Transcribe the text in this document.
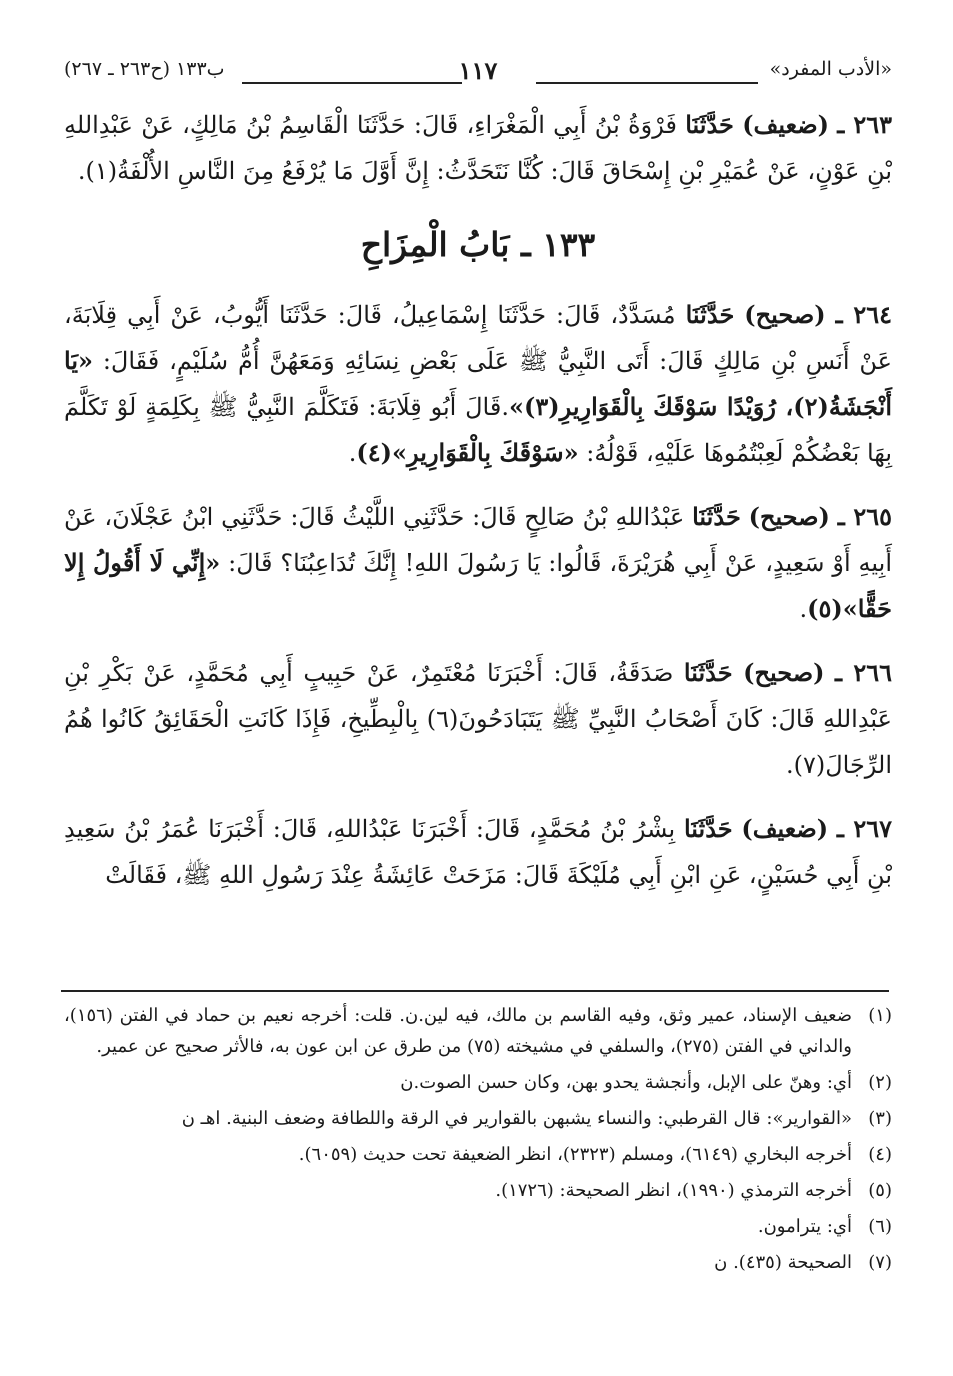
«الأدب المفرد»
١١٧
ب١٣٣ (ح٢٦٣ ـ ٢٦٧)

٢٦٣ ـ (ضعيف) حَدَّثَنَا فَرْوَةُ بْنُ أَبِي الْمَغْرَاءِ، قَالَ: حَدَّثَنَا الْقَاسِمُ بْنُ مَالِكٍ، عَنْ عَبْدِاللهِ بْنِ عَوْنٍ، عَنْ عُمَيْرِ بْنِ إِسْحَاقَ قَالَ: كُنَّا نَتَحَدَّثُ: إِنَّ أَوَّلَ مَا يُرْفَعُ مِنَ النَّاسِ الأُلْفَةُ(١).

١٣٣ ـ بَابُ الْمِزَاحِ

٢٦٤ ـ (صحيح) حَدَّثَنَا مُسَدَّدٌ، قَالَ: حَدَّثَنَا إِسْمَاعِيلُ، قَالَ: حَدَّثَنَا أَيُّوبُ، عَنْ أَبِي قِلَابَةَ، عَنْ أَنَسِ بْنِ مَالِكٍ قَالَ: أَتَى النَّبِيُّ ﷺ عَلَى بَعْضِ نِسَائِهِ وَمَعَهُنَّ أُمُّ سُلَيْمٍ، فَقَالَ: «يَا أَنْجَشَةُ(٢)، رُوَيْدًا سَوْقَكَ بِالْقَوَارِيرِ(٣)».قَالَ أَبُو قِلَابَةَ: فَتَكَلَّمَ النَّبِيُّ ﷺ بِكَلِمَةٍ لَوْ تَكَلَّمَ بِهَا بَعْضُكُمْ لَعِبْتُمُوهَا عَلَيْهِ، قَوْلُهُ: «سَوْقَكَ بِالْقَوَارِيرِ»(٤).

٢٦٥ ـ (صحيح) حَدَّثَنَا عَبْدُاللهِ بْنُ صَالِحٍ قَالَ: حَدَّثَنِي اللَّيْثُ قَالَ: حَدَّثَنِي ابْنُ عَجْلَانَ، عَنْ أَبِيهِ أَوْ سَعِيدٍ، عَنْ أَبِي هُرَيْرَةَ، قَالُوا: يَا رَسُولَ اللهِ! إِنَّكَ تُدَاعِبُنَا؟ قَالَ: «إِنِّي لَا أَقُولُ إِلا حَقًّا»(٥).

٢٦٦ ـ (صحيح) حَدَّثَنَا صَدَقَةُ، قَالَ: أَخْبَرَنَا مُعْتَمِرٌ، عَنْ حَبِيبٍ أَبِي مُحَمَّدٍ، عَنْ بَكْرِ بْنِ عَبْدِاللهِ قَالَ: كَانَ أَصْحَابُ النَّبِيِّ ﷺ يَتَبَادَحُونَ(٦) بِالْبِطِّيخِ، فَإِذَا كَانَتِ الْحَقَائِقُ كَانُوا هُمُ الرِّجَالَ(٧).

٢٦٧ ـ (ضعيف) حَدَّثَنَا بِشْرُ بْنُ مُحَمَّدٍ، قَالَ: أَخْبَرَنَا عَبْدُاللهِ، قَالَ: أَخْبَرَنَا عُمَرُ بْنُ سَعِيدِ بْنِ أَبِي حُسَيْنٍ، عَنِ ابْنِ أَبِي مُلَيْكَةَ قَالَ: مَزَحَتْ عَائِشَةُ عِنْدَ رَسُولِ اللهِ ﷺ، فَقَالَتْ

(١)
ضعيف الإسناد، عمير وثق، وفيه القاسم بن مالك، فيه لين.ن. قلت: أخرجه نعيم بن حماد في الفتن (١٥٦)، والداني في الفتن (٢٧٥)، والسلفي في مشيخته (٧٥) من طرق عن ابن عون به، فالأثر صحيح عن عمير.
(٢)
أي: وهنّ على الإبل، وأنجشة يحدو بهن، وكان حسن الصوت.ن
(٣)
«القوارير»: قال القرطبي: والنساء يشبهن بالقوارير في الرقة واللطافة وضعف البنية. اهـ ن
(٤)
أخرجه البخاري (٦١٤٩)، ومسلم (٢٣٢٣)، انظر الضعيفة تحت حديث (٦٠٥٩).
(٥)
أخرجه الترمذي (١٩٩٠)، انظر الصحيحة: (١٧٢٦).
(٦)
أي: يترامون.
(٧)
الصحيحة (٤٣٥). ن
